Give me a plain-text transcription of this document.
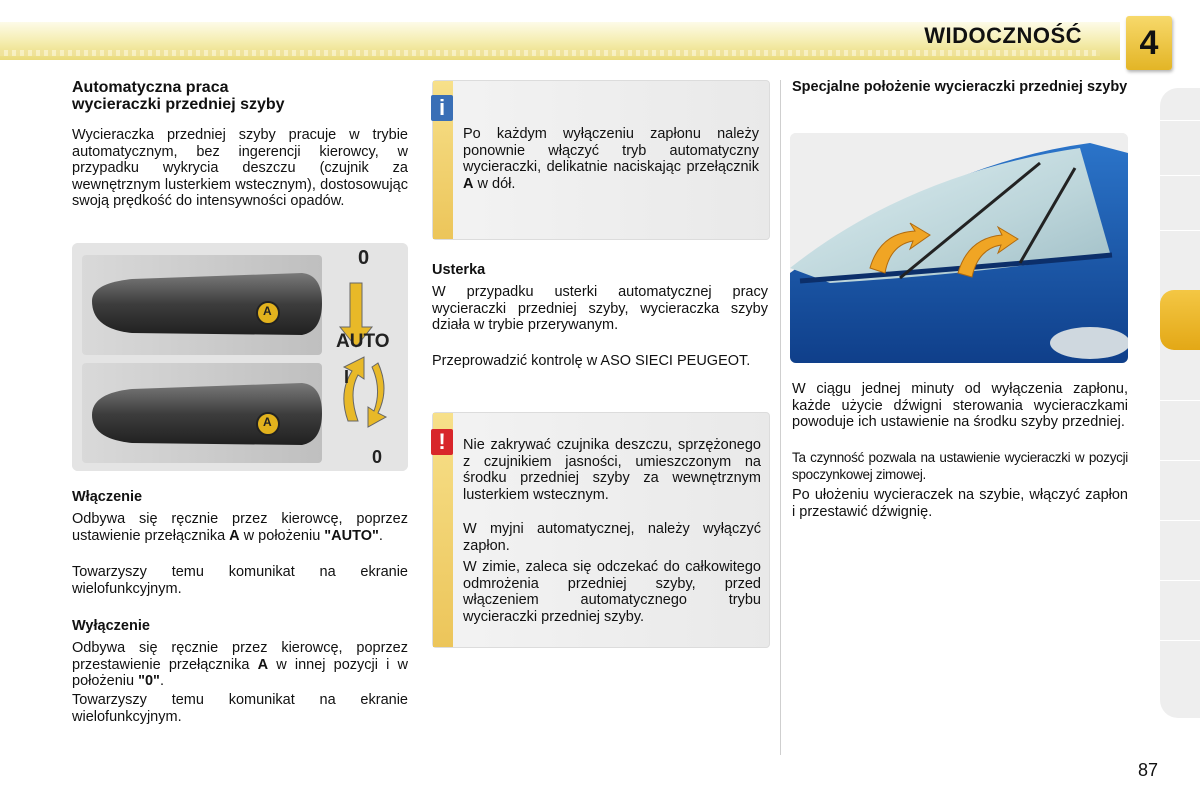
WIDOCZNOŚĆ	4
Automatyczna praca
wycieraczki przedniej szyby

Wycieraczka przedniej szyby pracuje w trybie automatycznym, bez ingerencji kierowcy, w przypadku wykrycia deszczu (czujnik za wewnętrznym lusterkiem wstecznym), dostosowując swoją prędkość do intensywności opadów.

0
AUTO
I
0
A
A
Włączenie

Odbywa się ręcznie przez kierowcę, poprzez ustawienie przełącznika A w położeniu "AUTO".

Towarzyszy temu komunikat na ekranie wielofunkcyjnym.

Wyłączenie

Odbywa się ręcznie przez kierowcę, poprzez przestawienie przełącznika A w innej pozycji i w położeniu "0".

Towarzyszy temu komunikat na ekranie wielofunkcyjnym.

i

Po każdym wyłączeniu zapłonu należy ponownie włączyć tryb automatyczny wycieraczki, delikatnie naciskając przełącznik A w dół.

Usterka

W przypadku usterki automatycznej pracy wycieraczki przedniej szyby, wycieraczka szyby działa w trybie przerywanym.

Przeprowadzić kontrolę w ASO SIECI PEUGEOT.

!	Nie zakrywać czujnika deszczu, sprzężonego z czujnikiem jasności, umieszczonym na środku przedniej szyby za wewnętrznym lusterkiem wstecznym.

W myjni automatycznej, należy wyłączyć zapłon.

W zimie, zaleca się odczekać do całkowitego odmrożenia przedniej szyby, przed włączeniem automatycznego trybu wycieraczki przedniej szyby.

Specjalne położenie wycieraczki przedniej szyby

W ciągu jednej minuty od wyłączenia zapłonu, każde użycie dźwigni sterowania wycieraczkami powoduje ich ustawienie na środku szyby przedniej.

Ta czynność pozwala na ustawienie wycieraczki w pozycji spoczynkowej zimowej.

Po ułożeniu wycieraczek na szybie, włączyć zapłon i przestawić dźwignię.

87
